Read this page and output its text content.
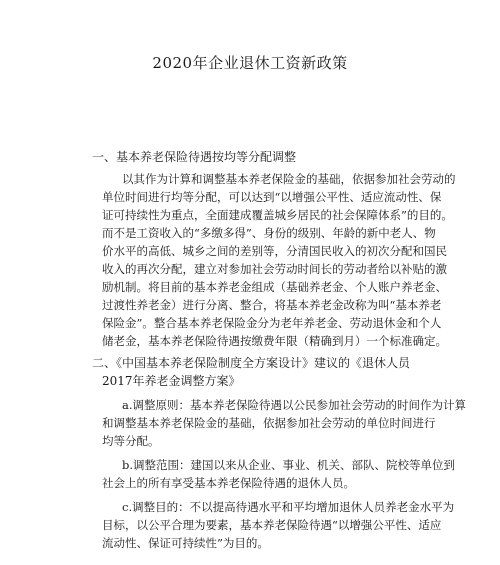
2020年企业退休工资新政策
一、基本养老保险待遇按均等分配调整
以其作为计算和调整基本养老保险金的基础，依据参加社会劳动的
单位时间进行均等分配，可以达到“以增强公平性、适应流动性、保
证可持续性为重点，全面建成覆盖城乡居民的社会保障体系”的目的。
而不是工资收入的“多缴多得”、身份的级别、年龄的新中老人、物
价水平的高低、城乡之间的差别等，分清国民收入的初次分配和国民
收入的再次分配，建立对参加社会劳动时间长的劳动者给以补贴的激
励机制。将目前的基本养老金组成（基础养老金、个人账户养老金、
过渡性养老金）进行分离、整合，将基本养老金改称为叫“基本养老
保险金”。整合基本养老保险金分为老年养老金、劳动退休金和个人
储老金，基本养老保险待遇按缴费年限（精确到月）一个标准确定。
二、《中国基本养老保险制度全方案设计》建议的《退休人员
2017年养老金调整方案》
a.调整原则：基本养老保险待遇以公民参加社会劳动的时间作为计算
和调整基本养老保险金的基础，依据参加社会劳动的单位时间进行
均等分配。
b.调整范围：建国以来从企业、事业、机关、部队、院校等单位到
社会上的所有享受基本养老保险待遇的退休人员。
c.调整目的：不以提高待遇水平和平均增加退休人员养老金水平为
目标，以公平合理为要素，基本养老保险待遇“以增强公平性、适应
流动性、保证可持续性”为目的。
